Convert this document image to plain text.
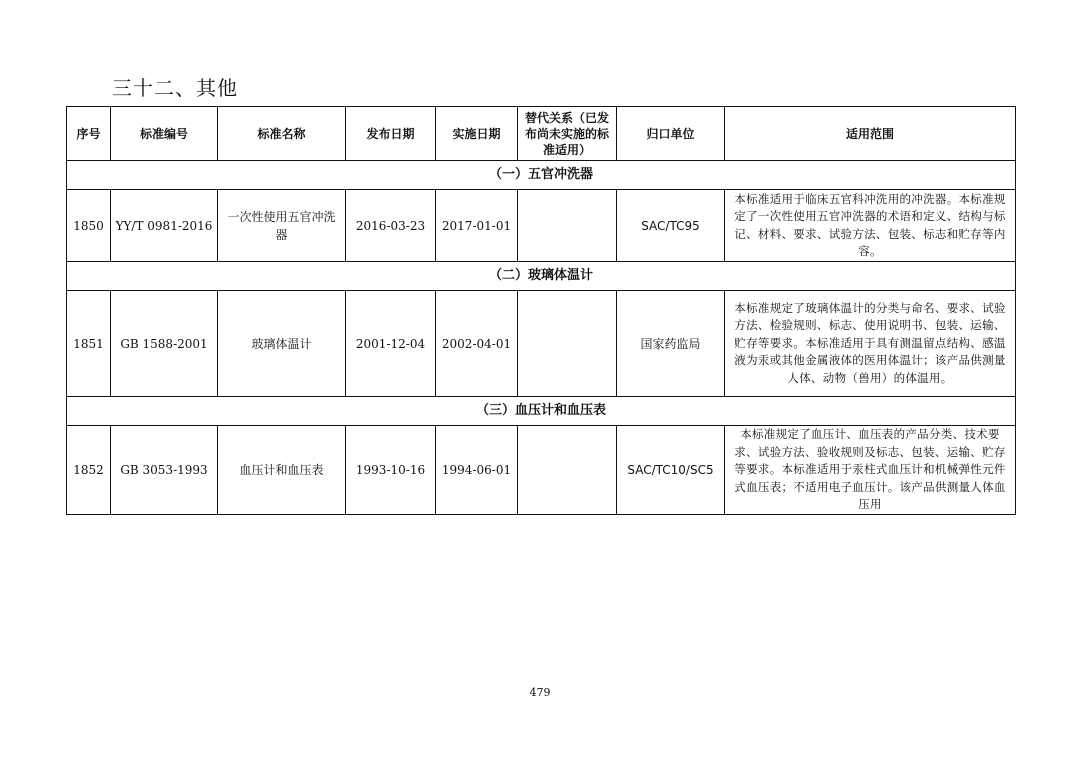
三十二、其他
序号	标准编号	标准名称	发布日期	实施日期	替代关系（已发布尚未实施的标准适用）	归口单位	适用范围
（一）五官冲洗器							
1850	YY/T 0981-2016	一次性使用五官冲洗器	2016-03-23	2017-01-01		SAC/TC95	本标准适用于临床五官科冲洗用的冲洗器。本标准规定了一次性使用五官冲洗器的术语和定义、结构与标记、材料、要求、试验方法、包装、标志和贮存等内容。
（二）玻璃体温计							
1851	GB 1588-2001	玻璃体温计	2001-12-04	2002-04-01		国家药监局	本标准规定了玻璃体温计的分类与命名、要求、试验方法、检验规则、标志、使用说明书、包装、运输、贮存等要求。本标准适用于具有测温留点结构、感温液为汞或其他金属液体的医用体温计；该产品供测量人体、动物（兽用）的体温用。
（三）血压计和血压表							
1852	GB 3053-1993	血压计和血压表	1993-10-16	1994-06-01		SAC/TC10/SC5	本标准规定了血压计、血压表的产品分类、技术要求、试验方法、验收规则及标志、包装、运输、贮存等要求。本标准适用于汞柱式血压计和机械弹性元件式血压表；不适用电子血压计。该产品供测量人体血压用
479
